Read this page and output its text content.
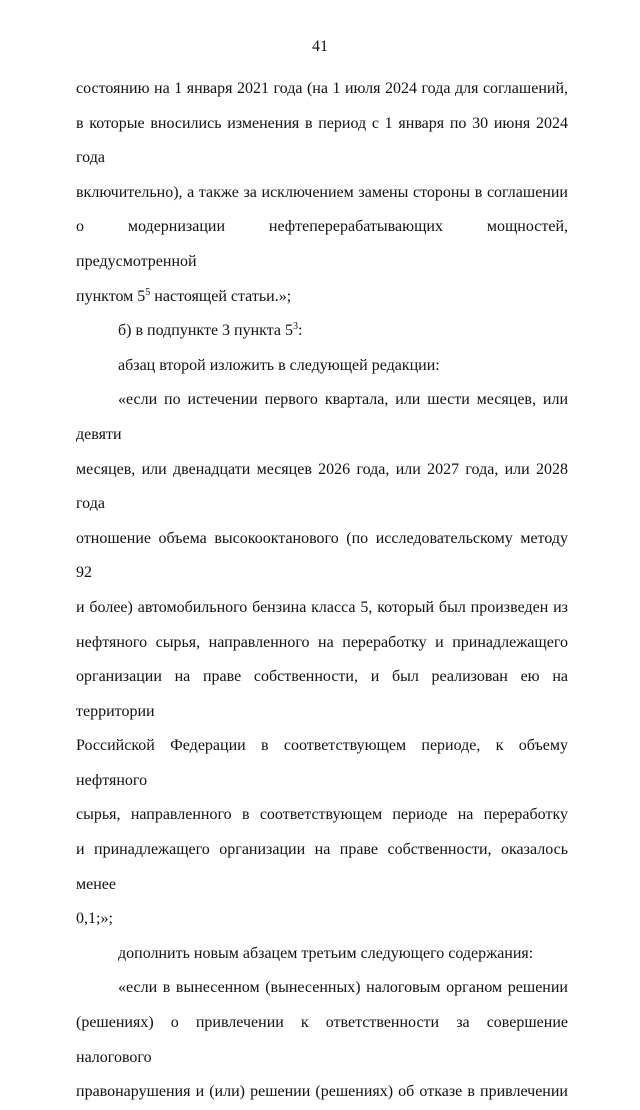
41

состоянию на 1 января 2021 года (на 1 июля 2024 года для соглашений,

в которые вносились изменения в период с 1 января по 30 июня 2024 года

включительно), а также за исключением замены стороны в соглашении

о модернизации нефтеперерабатывающих мощностей, предусмотренной

пунктом $5^5$ настоящей статьи.»;

б) в подпункте 3 пункта $5^3$:

абзац второй изложить в следующей редакции:

«если по истечении первого квартала, или шести месяцев, или девяти

месяцев, или двенадцати месяцев 2026 года, или 2027 года, или 2028 года

отношение объема высокооктанового (по исследовательскому методу 92

и более) автомобильного бензина класса 5, который был произведен из

нефтяного сырья, направленного на переработку и принадлежащего

организации на праве собственности, и был реализован ею на территории

Российской Федерации в соответствующем периоде, к объему нефтяного

сырья, направленного в соответствующем периоде на переработку

и принадлежащего организации на праве собственности, оказалось менее

0,1;»;

дополнить новым абзацем третьим следующего содержания:

«если в вынесенном (вынесенных) налоговым органом решении

(решениях) о привлечении к ответственности за совершение налогового

правонарушения и (или) решении (решениях) об отказе в привлечении
